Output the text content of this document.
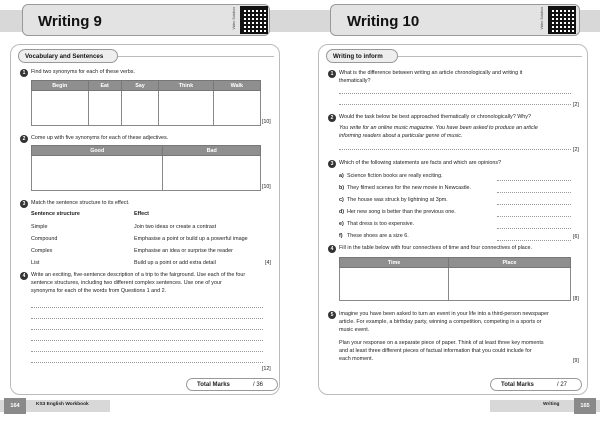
Writing 9	Video Solution
Vocabulary and Sentences
1	Find two synonyms for each of these verbs.
Begin	Eat	Say	Think	Walk

[10]
2	Come up with five synonyms for each of these adjectives.
Good	Bad

[10]
3	Match the sentence structure to its effect.
Sentence structure	Effect
Simple	Join two ideas or create a contrast
Compound	Emphasise a point or build up a powerful image
Complex	Emphasise an idea or surprise the reader
List	Build up a point or add extra detail	[4]
4	Write an exciting, five-sentence description of a trip to the fairground. Use each of the four
sentence structures, including two different complex sentences. Use one of your
synonyms for each of the words from Questions 1 and 2.
[12]
Total Marks	/ 36
164	KS3 English Workbook
Writing 10	Video Solution
Writing to inform
1	What is the difference between writing an article chronologically and writing it
thematically?
[2]
2	Would the task below be best approached thematically or chronologically? Why?
You write for an online music magazine. You have been asked to produce an article
informing readers about a particular genre of music.
[2]
3	Which of the following statements are facts and which are opinions?
a) Science fiction books are really exciting.
b) They filmed scenes for the new movie in Newcastle.
c) The house was struck by lightning at 3pm.
d) Her new song is better than the previous one.
e) That dress is too expensive.
f) These shoes are a size 6.	[6]
4	Fill in the table below with four connectives of time and four connectives of place.
Time	Place

[8]
5	Imagine you have been asked to turn an event in your life into a third-person newspaper
article. For example, a birthday party, winning a competition, competing in a sports or
music event.
Plan your response on a separate piece of paper. Think of at least three key moments
and at least three different pieces of factual information that you could include for
each moment.	[9]
Total Marks	/ 27
Writing	165
